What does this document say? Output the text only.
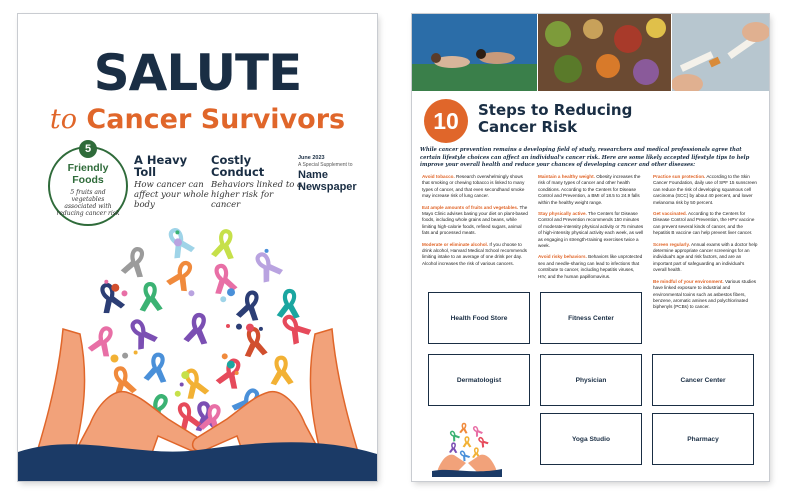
SALUTE
to Cancer Survivors
5
Friendly
Foods
5 fruits and vegetables associated with reducing cancer risk
A Heavy
Toll
How cancer can affect your whole body
Costly
Conduct
Behaviors linked to a higher risk for cancer
June 2023
A Special Supplement to
Name
Newspaper
10	Steps to Reducing
Cancer Risk
While cancer prevention remains a developing field of study, researchers and medical professionals agree that certain lifestyle choices can affect an individual's cancer risk. Here are some likely accepted lifestyle tips to help improve your overall health and reduce your chances of developing cancer and other diseases:
Avoid tobacco. Research overwhelmingly shows that smoking or chewing tobacco is linked to many types of cancer, and that even secondhand smoke may increase risk of lung cancer.
Eat ample amounts of fruits and vegetables. The Mayo Clinic advises basing your diet on plant-based foods, including whole grains and beans, while limiting high-calorie foods, refined sugars, animal fats and processed meats.
Moderate or eliminate alcohol. If you choose to drink alcohol, Harvard Medical School recommends limiting intake to an average of one drink per day. Alcohol increases the risk of various cancers.
Maintain a healthy weight. Obesity increases the risk of many types of cancer and other health conditions. According to the Centers for Disease Control and Prevention, a BMI of 18.5 to 24.9 falls within the healthy weight range.
Stay physically active. The Centers for Disease Control and Prevention recommends 150 minutes of moderate-intensity physical activity or 75 minutes of high-intensity physical activity each week, as well as engaging in strength-training exercises twice a week.
Avoid risky behaviors. Behaviors like unprotected sex and needle-sharing can lead to infections that contribute to cancer, including hepatitis viruses, HIV, and the human papillomavirus.
Practice sun protection. According to the Skin Cancer Foundation, daily use of SPF 15 sunscreen can reduce the risk of developing squamous cell carcinoma (SCC) by about 40 percent, and lower melanoma risk by 50 percent.
Get vaccinated. According to the Centers for Disease Control and Prevention, the HPV vaccine can prevent several kinds of cancer, and the hepatitis B vaccine can help prevent liver cancer.
Screen regularly. Annual exams with a doctor help determine appropriate cancer screenings for an individual's age and risk factors, and are an important part of safeguarding an individual's overall health.
Be mindful of your environment. Various studies have linked exposure to industrial and environmental toxins such as asbestos fibers, benzene, aromatic amines and polychlorinated biphenyls (PCBs) to cancer.
Health Food Store	Fitness Center
Dermatologist	Physician	Cancer Center
Yoga Studio	Pharmacy
